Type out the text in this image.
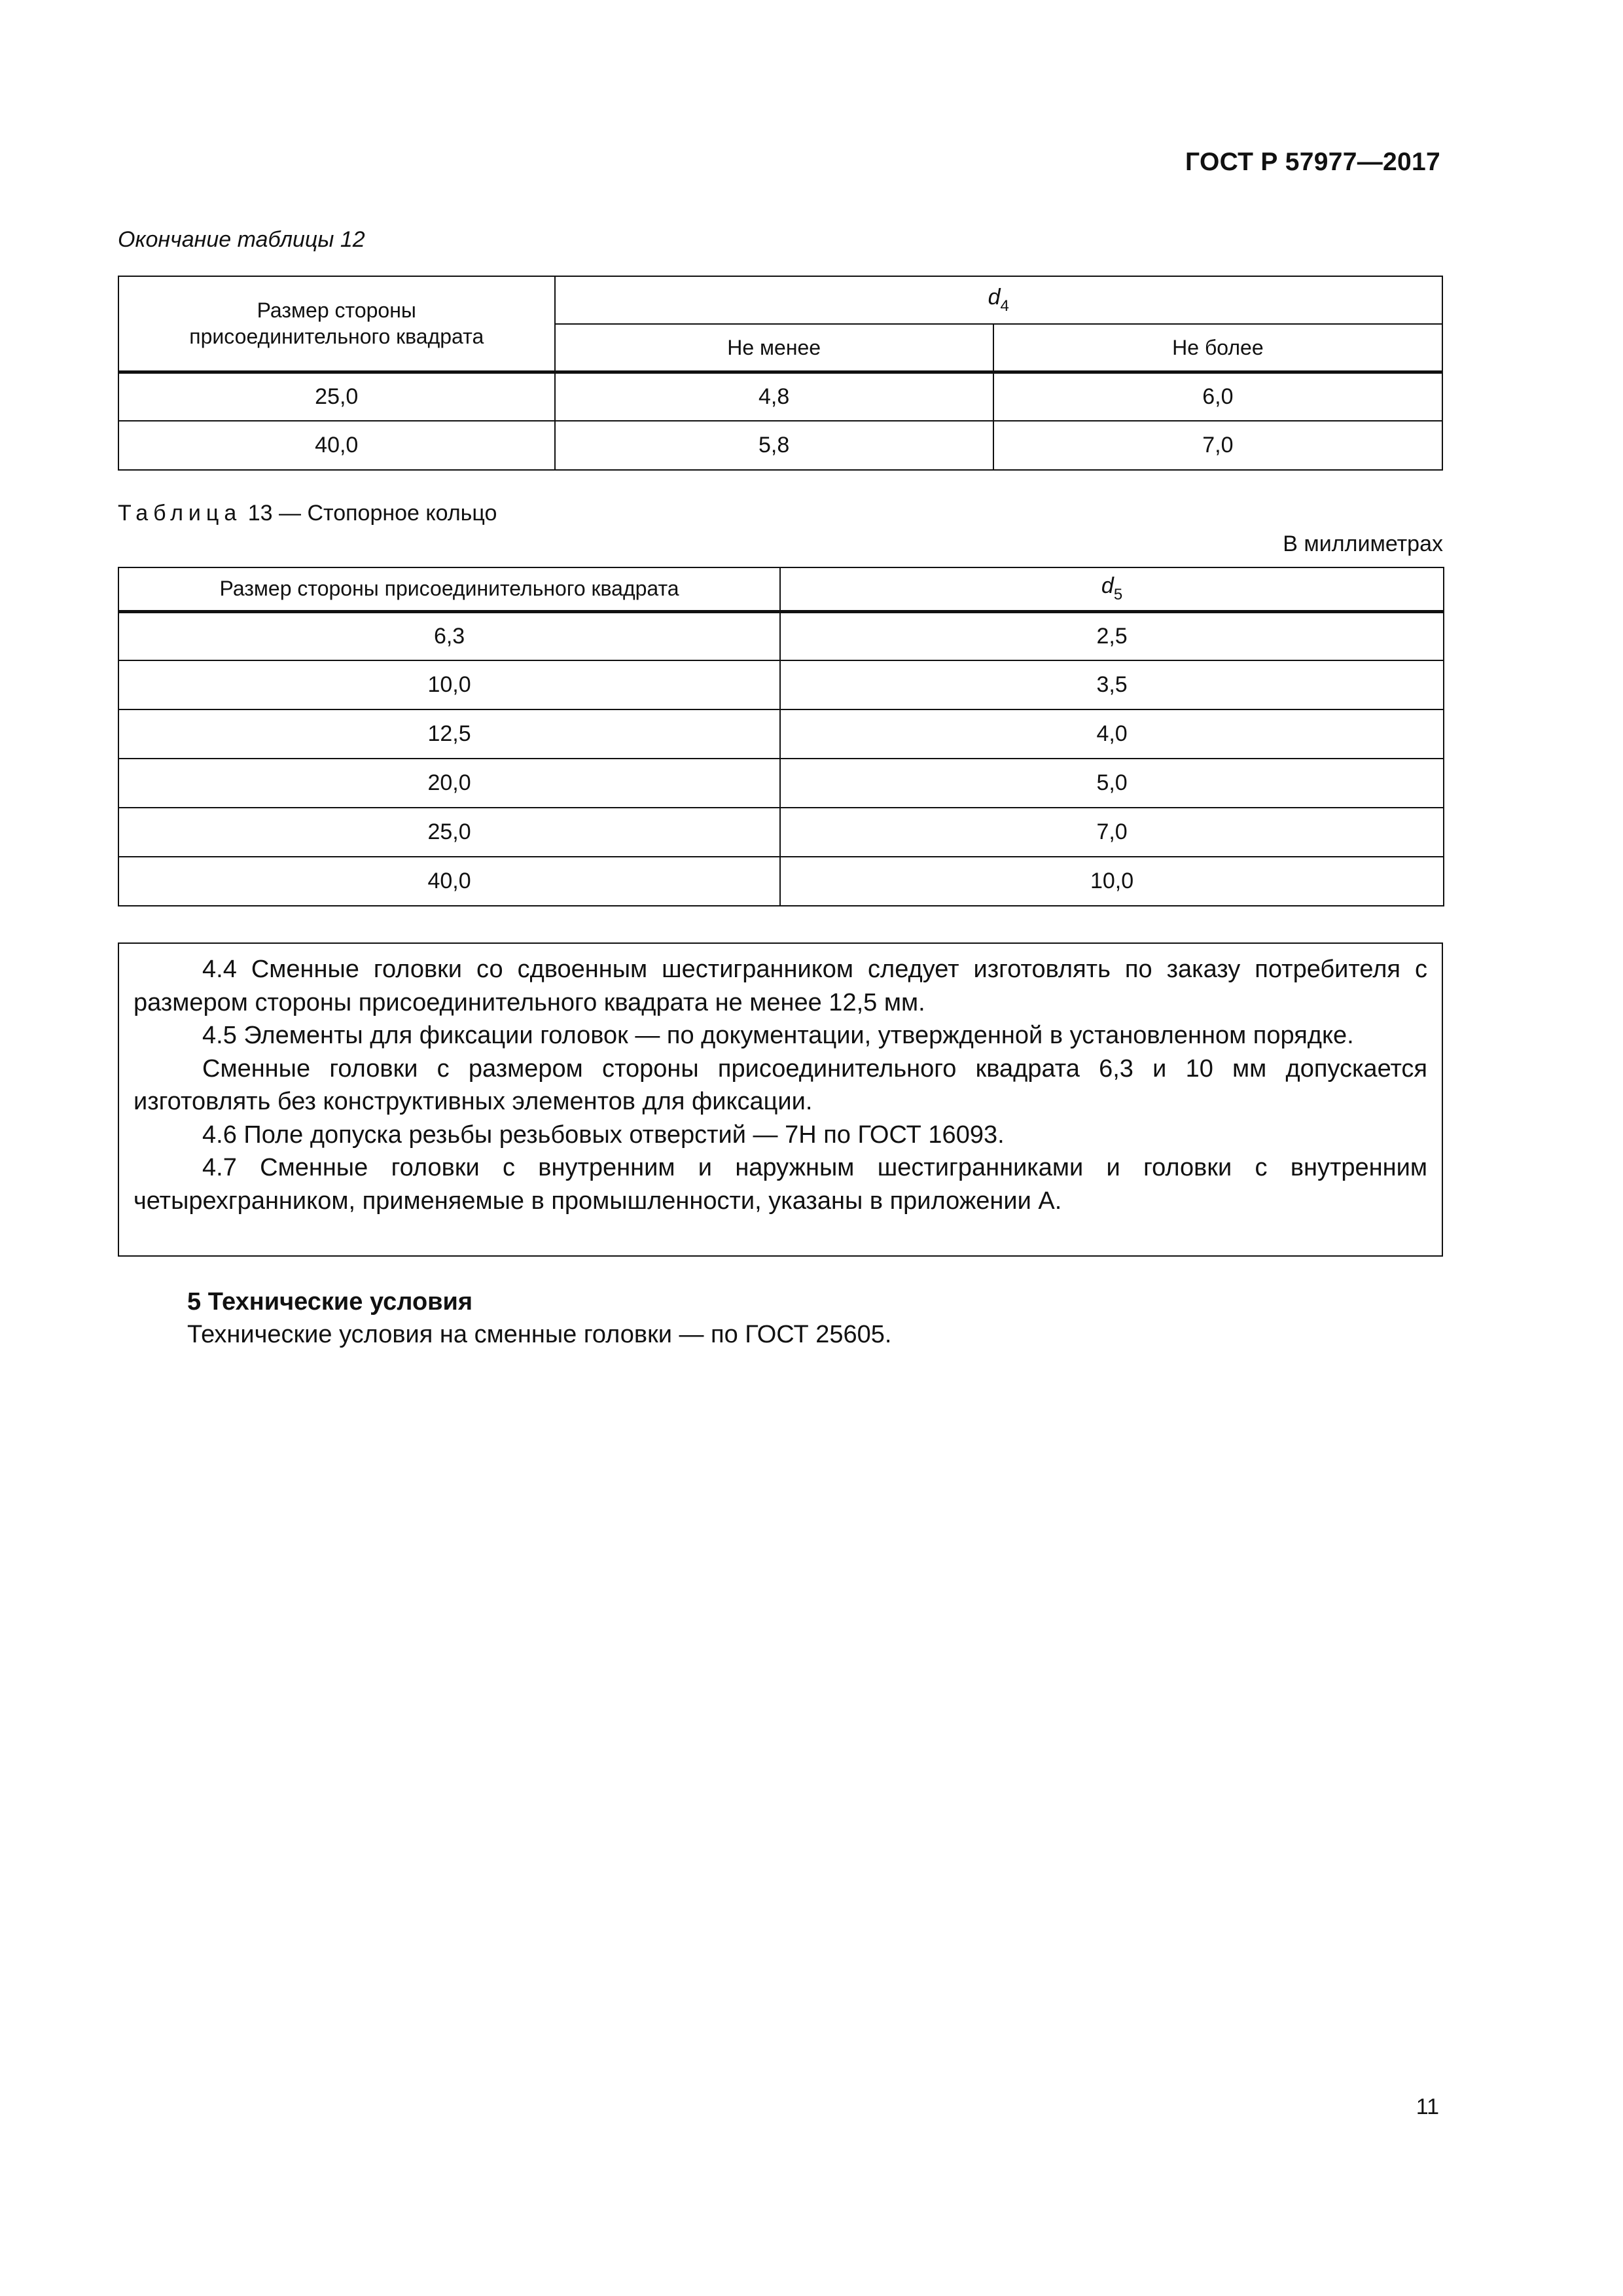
ГОСТ Р 57977—2017
Окончание таблицы 12
Размер стороны
присоединительного квадрата	$d_4$
	Не менее	Не более
25,0	4,8	6,0
40,0	5,8	7,0
Таблица 13 — Стопорное кольцо
В миллиметрах
Размер стороны присоединительного квадрата	$d_5$
6,3	2,5
10,0	3,5
12,5	4,0
20,0	5,0
25,0	7,0
40,0	10,0

4.4 Сменные головки со сдвоенным шестигранником следует изготовлять по заказу потребителя с размером стороны присоединительного квадрата не менее 12,5 мм.

4.5 Элементы для фиксации головок — по документации, утвержденной в установленном порядке.

Сменные головки с размером стороны присоединительного квадрата 6,3 и 10 мм допускается изготовлять без конструктивных элементов для фиксации.

4.6 Поле допуска резьбы резьбовых отверстий — 7Н по ГОСТ 16093.

4.7 Сменные головки с внутренним и наружным шестигранниками и головки с внутренним четырехгранником, применяемые в промышленности, указаны в приложении А.

5 Технические условия
Технические условия на сменные головки — по ГОСТ 25605.
11
